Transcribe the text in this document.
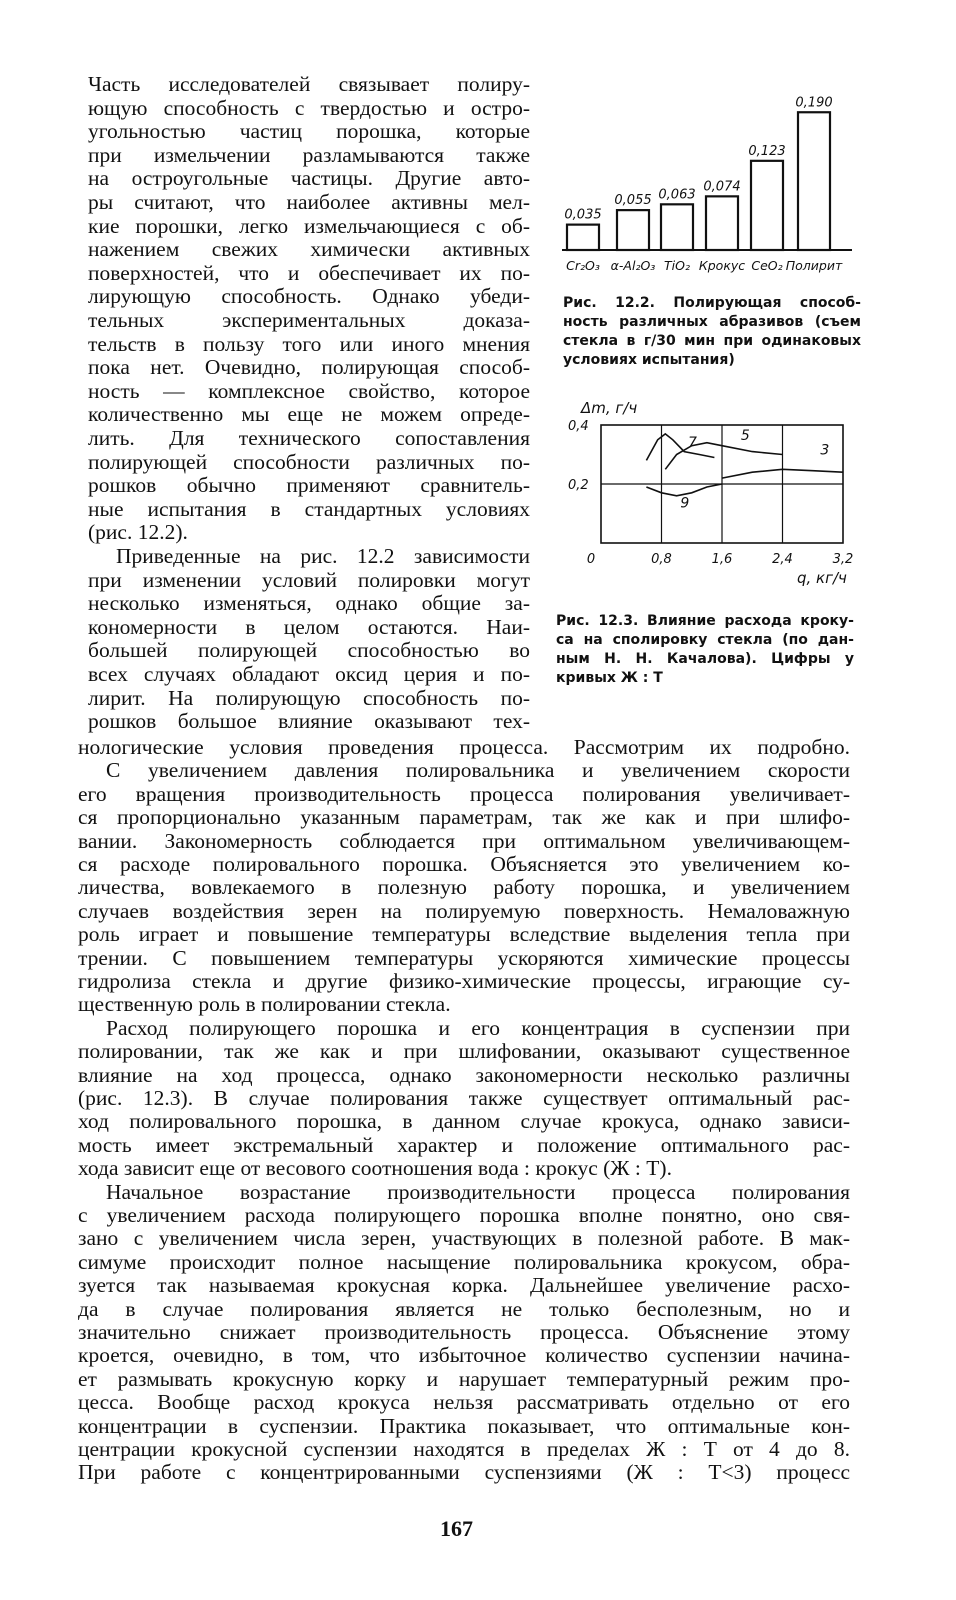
Часть исследователей связывает полиру-
ющую способность с твердостью и остро-
угольностью частиц порошка, которые
при измельчении разламываются также
на остроугольные частицы. Другие авто-
ры считают, что наиболее активны мел-
кие порошки, легко измельчающиеся с об-
нажением свежих химически активных
поверхностей, что и обеспечивает их по-
лирующую способность. Однако убеди-
тельных экспериментальных доказа-
тельств в пользу того или иного мнения
пока нет. Очевидно, полирующая способ-
ность — комплексное свойство, которое
количественно мы еще не можем опреде-
лить. Для технического сопоставления
полирующей способности различных по-
рошков обычно применяют сравнитель-
ные испытания в стандартных условиях
(рис. 12.2).
Приведенные на рис. 12.2 зависимости
при изменении условий полировки могут
несколько изменяться, однако общие за-
кономерности в целом остаются. Наи-
большей полирующей способностью во
всех случаях обладают оксид церия и по-
лирит. На полирующую способность по-
рошков большое влияние оказывают тех-
нологические условия проведения процесса. Рассмотрим их подробно.
С увеличением давления полировальника и увеличением скорости
его вращения производительность процесса полирования увеличивает-
ся пропорционально указанным параметрам, так же как и при шлифо-
вании. Закономерность соблюдается при оптимальном увеличивающем-
ся расходе полировального порошка. Объясняется это увеличением ко-
личества, вовлекаемого в полезную работу порошка, и увеличением
случаев воздействия зерен на полируемую поверхность. Немаловажную
роль играет и повышение температуры вследствие выделения тепла при
трении. С повышением температуры ускоряются химические процессы
гидролиза стекла и другие физико-химические процессы, играющие су-
щественную роль в полировании стекла.
Расход полирующего порошка и его концентрация в суспензии при
полировании, так же как и при шлифовании, оказывают существенное
влияние на ход процесса, однако закономерности несколько различны
(рис. 12.3). В случае полирования также существует оптимальный рас-
ход полировального порошка, в данном случае крокуса, однако зависи-
мость имеет экстремальный характер и положение оптимального рас-
хода зависит еще от весового соотношения вода : крокус (Ж : Т).
Начальное возрастание производительности процесса полирования
с увеличением расхода полирующего порошка вполне понятно, оно свя-
зано с увеличением числа зерен, участвующих в полезной работе. В мак-
симуме происходит полное насыщение полировальника крокусом, обра-
зуется так называемая крокусная корка. Дальнейшее увеличение расхо-
да в случае полирования является не только бесполезным, но и
значительно снижает производительность процесса. Объяснение этому
кроется, очевидно, в том, что избыточное количество суспензии начина-
ет размывать крокусную корку и нарушает температурный режим про-
цесса. Вообще расход крокуса нельзя рассматривать отдельно от его
концентрации в суспензии. Практика показывает, что оптимальные кон-
центрации крокусной суспензии находятся в пределах Ж : Т от 4 до 8.
При работе с концентрированными суспензиями (Ж : Т<3) процесс
0,035
Cr₂O₃
0,055
α-Al₂O₃
0,063
TiO₂
0,074
Крокус
0,123
CeO₂
0,190
Полирит
Рис. 12.2. Полирующая способ-
ность различных абразивов (съем
стекла в г/30 мин при одинаковых
условиях испытания)
Δm, г/ч
0,2
0,4
0	0,8	1,6	2,4	3,2
q, кг/ч
9
7	5
3
Рис. 12.3. Влияние расхода кроку-
са на сполировку стекла (по дан-
ным Н. Н. Качалова). Цифры у
кривых Ж : Т
167
